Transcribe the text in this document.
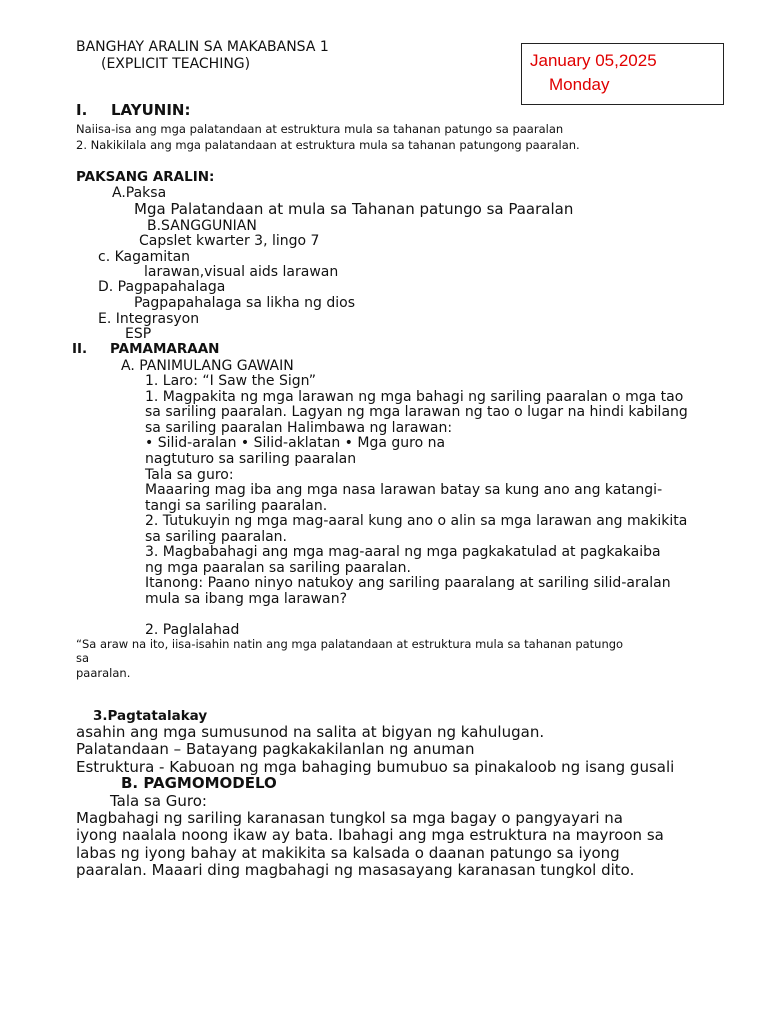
BANGHAY ARALIN SA MAKABANSA 1
(EXPLICIT TEACHING)	January 05,2025
Monday
I. LAYUNIN:
Naiisa-isa ang mga palatandaan at estruktura mula sa tahanan patungo sa paaralan
2. Nakikilala ang mga palatandaan at estruktura mula sa tahanan patungong paaralan.
PAKSANG ARALIN:
A.Paksa
Mga Palatandaan at mula sa Tahanan patungo sa Paaralan
B.SANGGUNIAN
Capslet kwarter 3, lingo 7
c. Kagamitan
larawan,visual aids larawan
D. Pagpapahalaga
Pagpapahalaga sa likha ng dios
E. Integrasyon
ESP
II. PAMAMARAAN
A. PANIMULANG GAWAIN
1. Laro: “I Saw the Sign”
1. Magpakita ng mga larawan ng mga bahagi ng sariling paaralan o mga tao
sa sariling paaralan. Lagyan ng mga larawan ng tao o lugar na hindi kabilang
sa sariling paaralan Halimbawa ng larawan:
• Silid-aralan • Silid-aklatan • Mga guro na
nagtuturo sa sariling paaralan
Tala sa guro:
Maaaring mag iba ang mga nasa larawan batay sa kung ano ang katangi-
tangi sa sariling paaralan.
2. Tutukuyin ng mga mag-aaral kung ano o alin sa mga larawan ang makikita
sa sariling paaralan.
3. Magbabahagi ang mga mag-aaral ng mga pagkakatulad at pagkakaiba
ng mga paaralan sa sariling paaralan.
Itanong: Paano ninyo natukoy ang sariling paaralang at sariling silid-aralan
mula sa ibang mga larawan?
2. Paglalahad
“Sa araw na ito, iisa-isahin natin ang mga palatandaan at estruktura mula sa tahanan patungo
sa
paaralan.
3.Pagtatalakay
asahin ang mga sumusunod na salita at bigyan ng kahulugan.
Palatandaan – Batayang pagkakakilanlan ng anuman
Estruktura - Kabuoan ng mga bahaging bumubuo sa pinakaloob ng isang gusali
B. PAGMOMODELO
Tala sa Guro:
Magbahagi ng sariling karanasan tungkol sa mga bagay o pangyayari na
iyong naalala noong ikaw ay bata. Ibahagi ang mga estruktura na mayroon sa
labas ng iyong bahay at makikita sa kalsada o daanan patungo sa iyong
paaralan. Maaari ding magbahagi ng masasayang karanasan tungkol dito.
